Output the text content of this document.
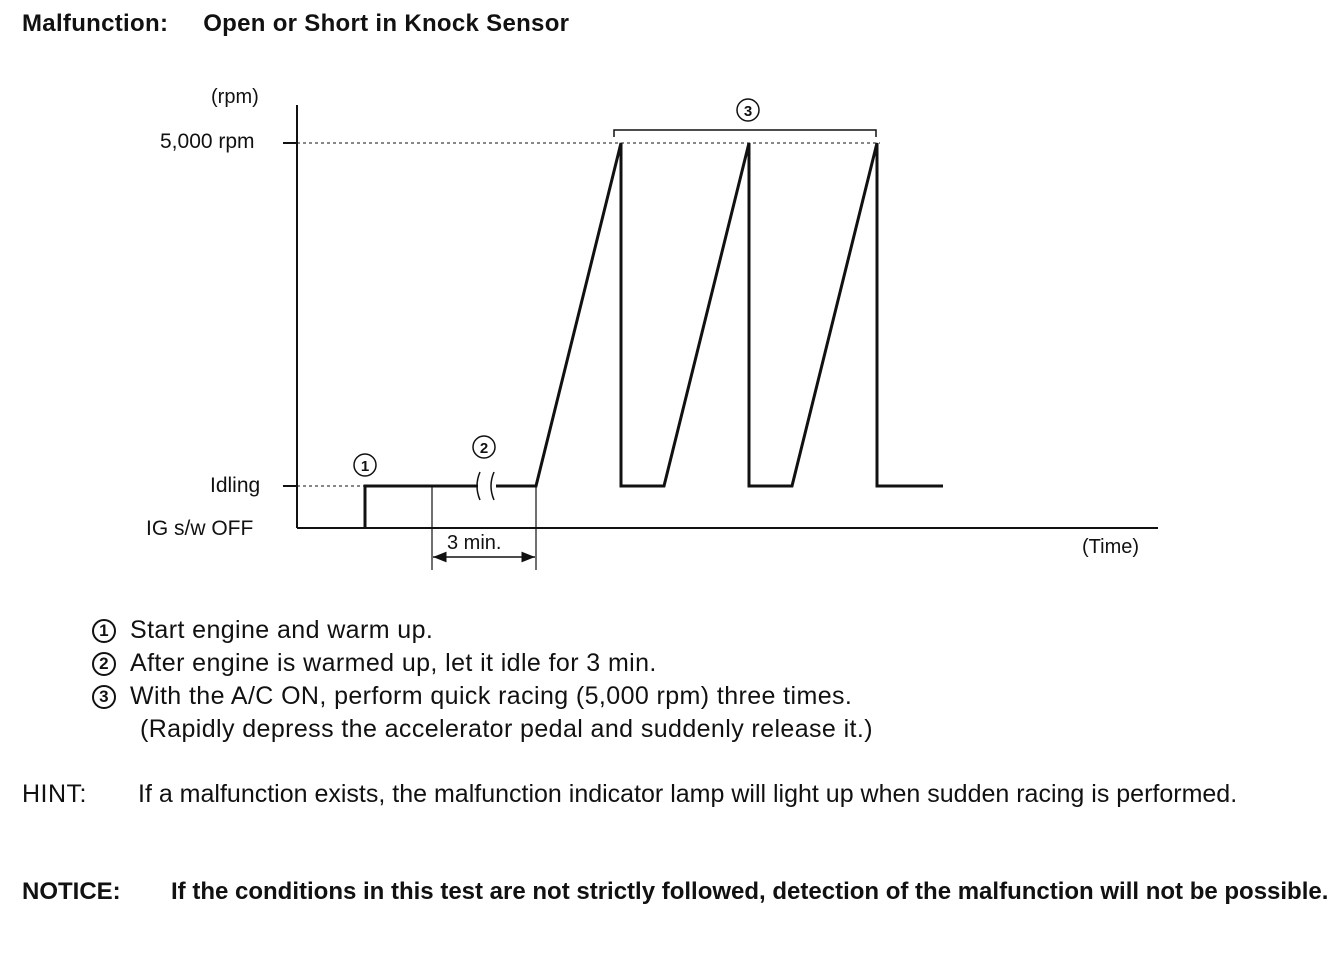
Malfunction: Open or Short in Knock Sensor
(rpm)
(Time)
5,000 rpm
Idling
IG s/w OFF
3 min.
1
2
3
1 Start engine and warm up.
2 After engine is warmed up, let it idle for 3 min.
3 With the A/C ON, perform quick racing (5,000 rpm) three times.
(Rapidly depress the accelerator pedal and suddenly release it.)
HINT:	If a malfunction exists, the malfunction indicator lamp will light up when sudden racing is performed.
NOTICE:	If the conditions in this test are not strictly followed, detection of the malfunction will not be possible.
